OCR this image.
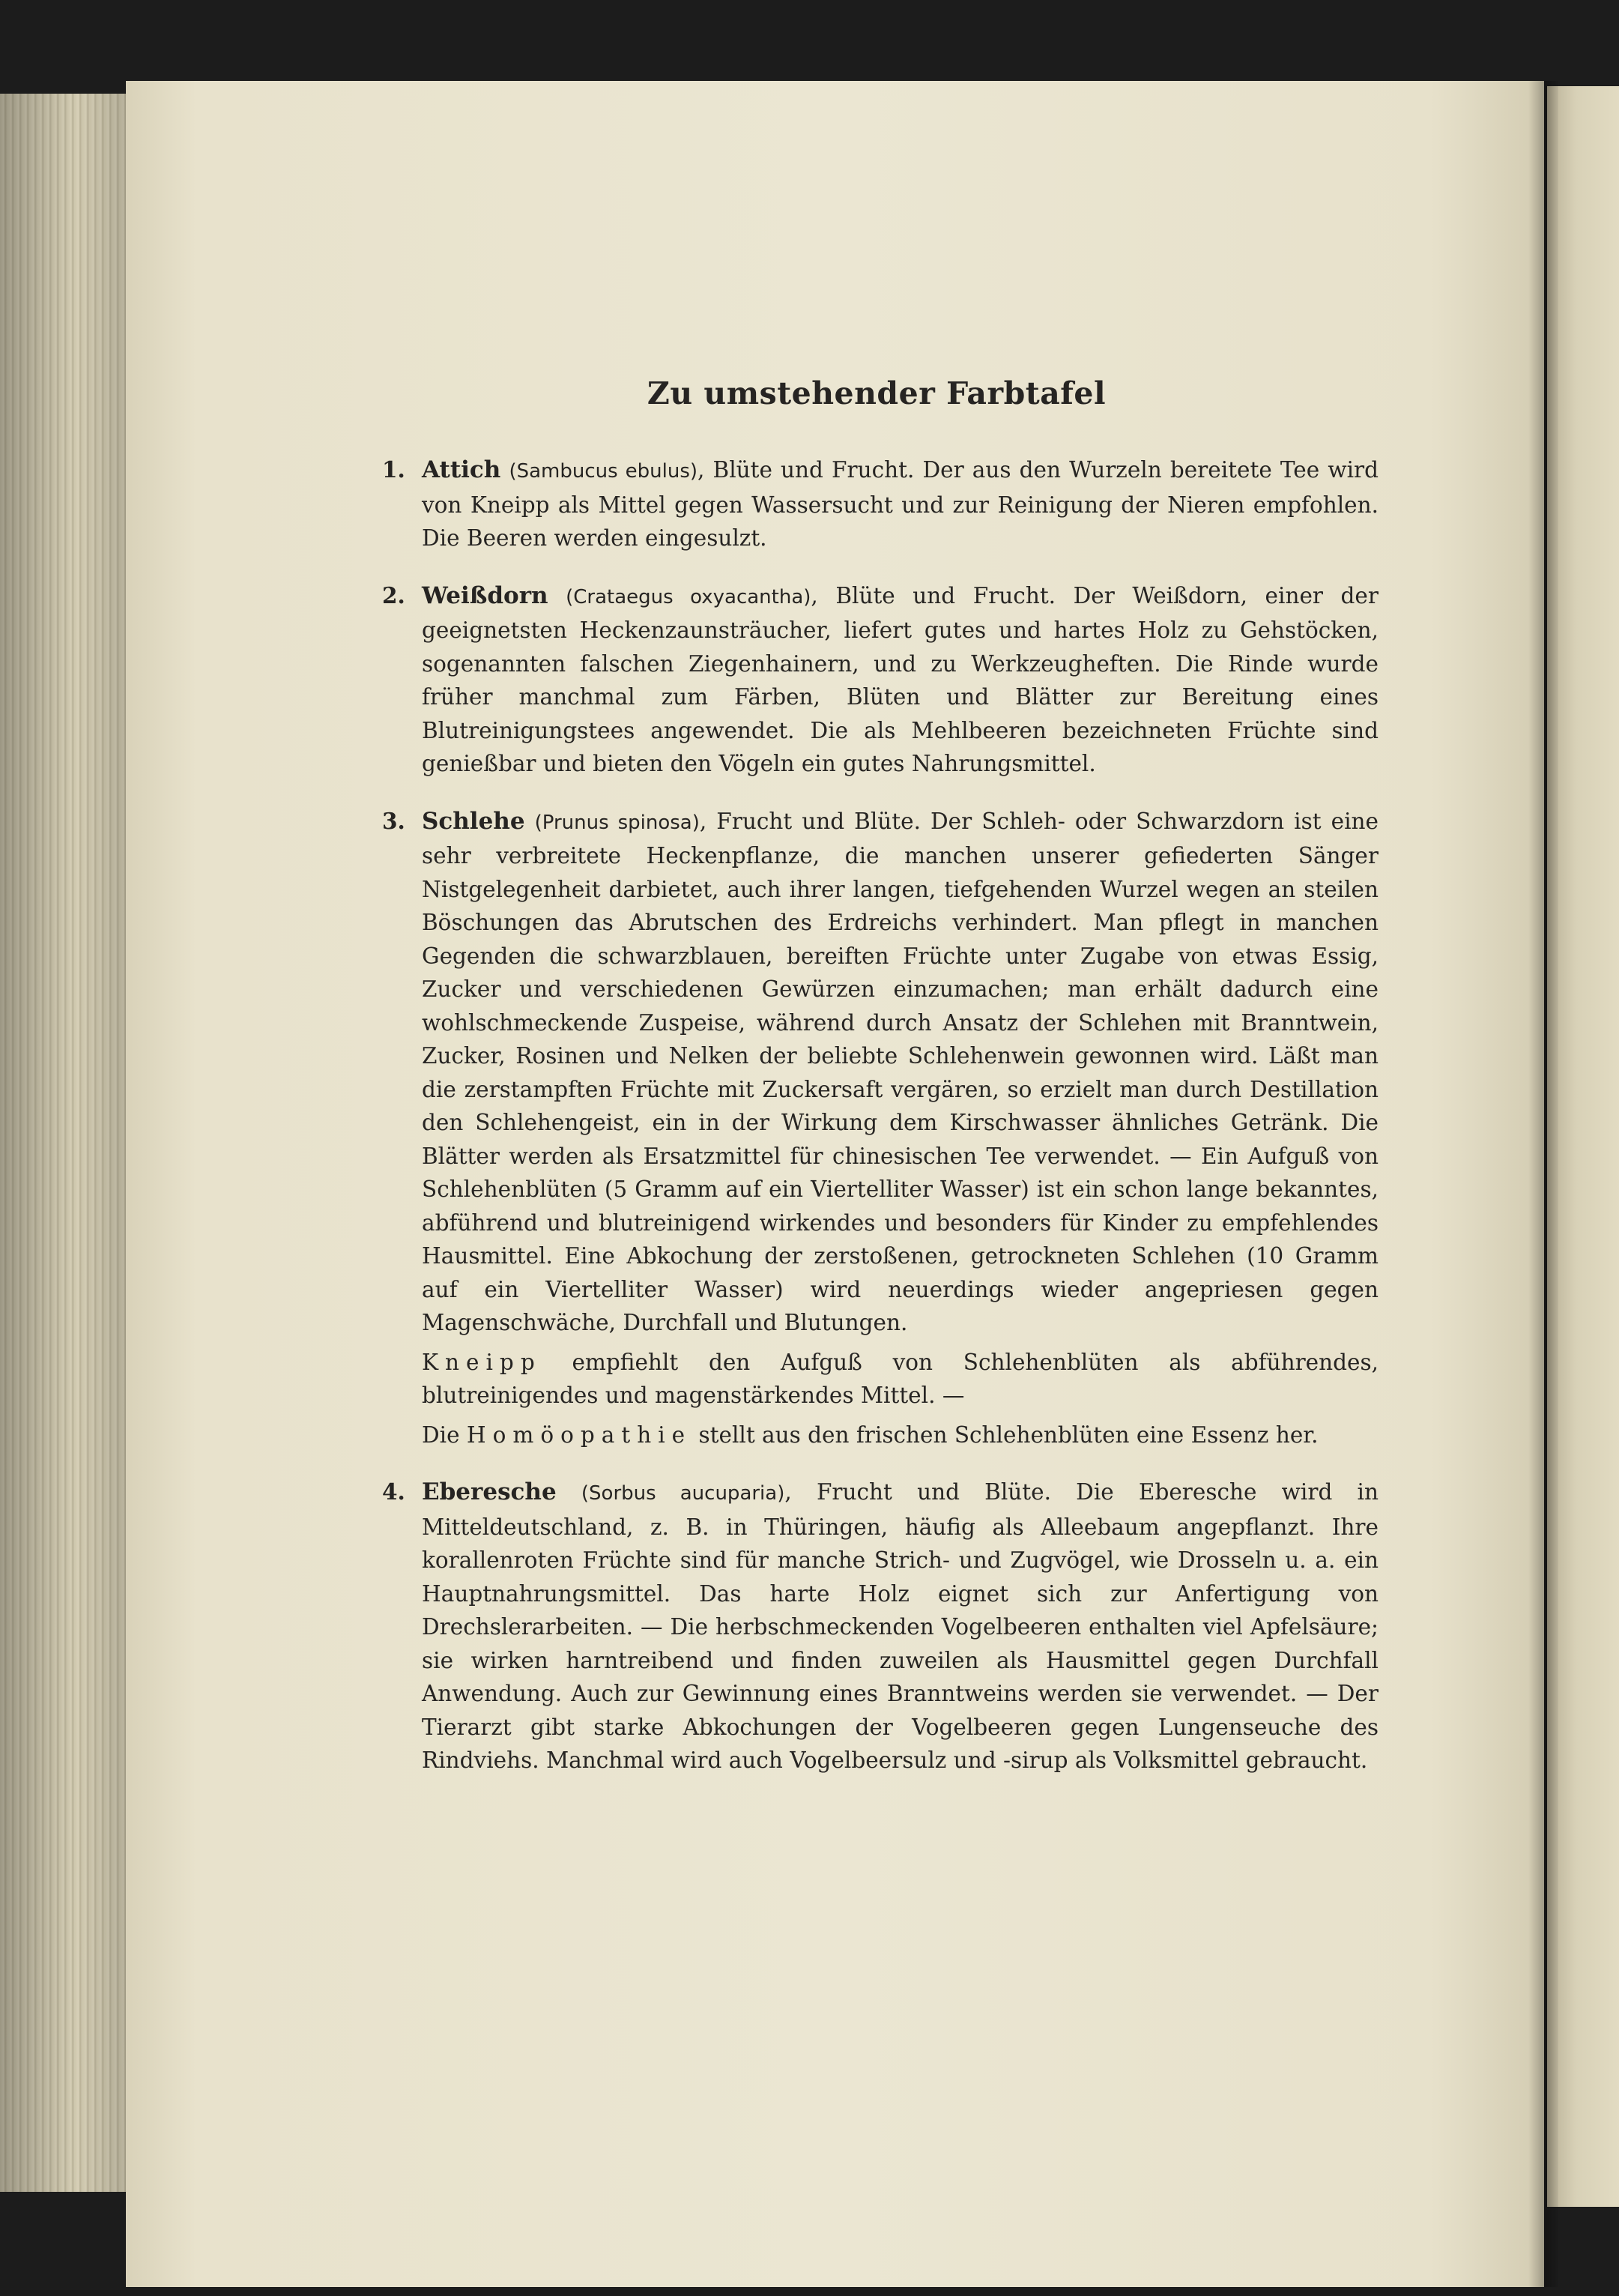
Zu umstehender Farbtafel

1. Attich (Sambucus ebulus), Blüte und Frucht. Der aus den Wurzeln bereitete Tee wird von Kneipp als Mittel gegen Wassersucht und zur Reinigung der Nieren empfohlen. Die Beeren werden eingesulzt.

2. Weißdorn (Crataegus oxyacantha), Blüte und Frucht. Der Weißdorn, einer der geeignetsten Heckenzaunsträucher, liefert gutes und hartes Holz zu Gehstöcken, sogenannten falschen Ziegenhainern, und zu Werkzeugheften. Die Rinde wurde früher manchmal zum Färben, Blüten und Blätter zur Bereitung eines Blutreinigungstees angewendet. Die als Mehlbeeren bezeichneten Früchte sind genießbar und bieten den Vögeln ein gutes Nahrungsmittel.

3. Schlehe (Prunus spinosa), Frucht und Blüte. Der Schleh- oder Schwarzdorn ist eine sehr verbreitete Heckenpflanze, die manchen unserer gefiederten Sänger Nistgelegenheit darbietet, auch ihrer langen, tiefgehenden Wurzel wegen an steilen Böschungen das Abrutschen des Erdreichs verhindert. Man pflegt in manchen Gegenden die schwarzblauen, bereiften Früchte unter Zugabe von etwas Essig, Zucker und verschiedenen Gewürzen einzumachen; man erhält dadurch eine wohlschmeckende Zuspeise, während durch Ansatz der Schlehen mit Branntwein, Zucker, Rosinen und Nelken der beliebte Schlehenwein gewonnen wird. Läßt man die zerstampften Früchte mit Zuckersaft vergären, so erzielt man durch Destillation den Schlehengeist, ein in der Wirkung dem Kirschwasser ähnliches Getränk. Die Blätter werden als Ersatzmittel für chinesischen Tee verwendet. — Ein Aufguß von Schlehenblüten (5 Gramm auf ein Viertelliter Wasser) ist ein schon lange bekanntes, abführend und blutreinigend wirkendes und besonders für Kinder zu empfehlendes Hausmittel. Eine Abkochung der zerstoßenen, getrockneten Schlehen (10 Gramm auf ein Viertelliter Wasser) wird neuerdings wieder angepriesen gegen Magenschwäche, Durchfall und Blutungen.

Kneipp empfiehlt den Aufguß von Schlehenblüten als abführendes, blutreinigendes und magenstärkendes Mittel. —

Die Homöopathie stellt aus den frischen Schlehenblüten eine Essenz her.

4. Eberesche (Sorbus aucuparia), Frucht und Blüte. Die Eberesche wird in Mitteldeutschland, z. B. in Thüringen, häufig als Alleebaum angepflanzt. Ihre korallenroten Früchte sind für manche Strich- und Zugvögel, wie Drosseln u. a. ein Hauptnahrungsmittel. Das harte Holz eignet sich zur Anfertigung von Drechslerarbeiten. — Die herbschmeckenden Vogelbeeren enthalten viel Apfelsäure; sie wirken harntreibend und finden zuweilen als Hausmittel gegen Durchfall Anwendung. Auch zur Gewinnung eines Branntweins werden sie verwendet. — Der Tierarzt gibt starke Abkochungen der Vogelbeeren gegen Lungenseuche des Rindviehs. Manchmal wird auch Vogelbeersulz und -sirup als Volksmittel gebraucht.
